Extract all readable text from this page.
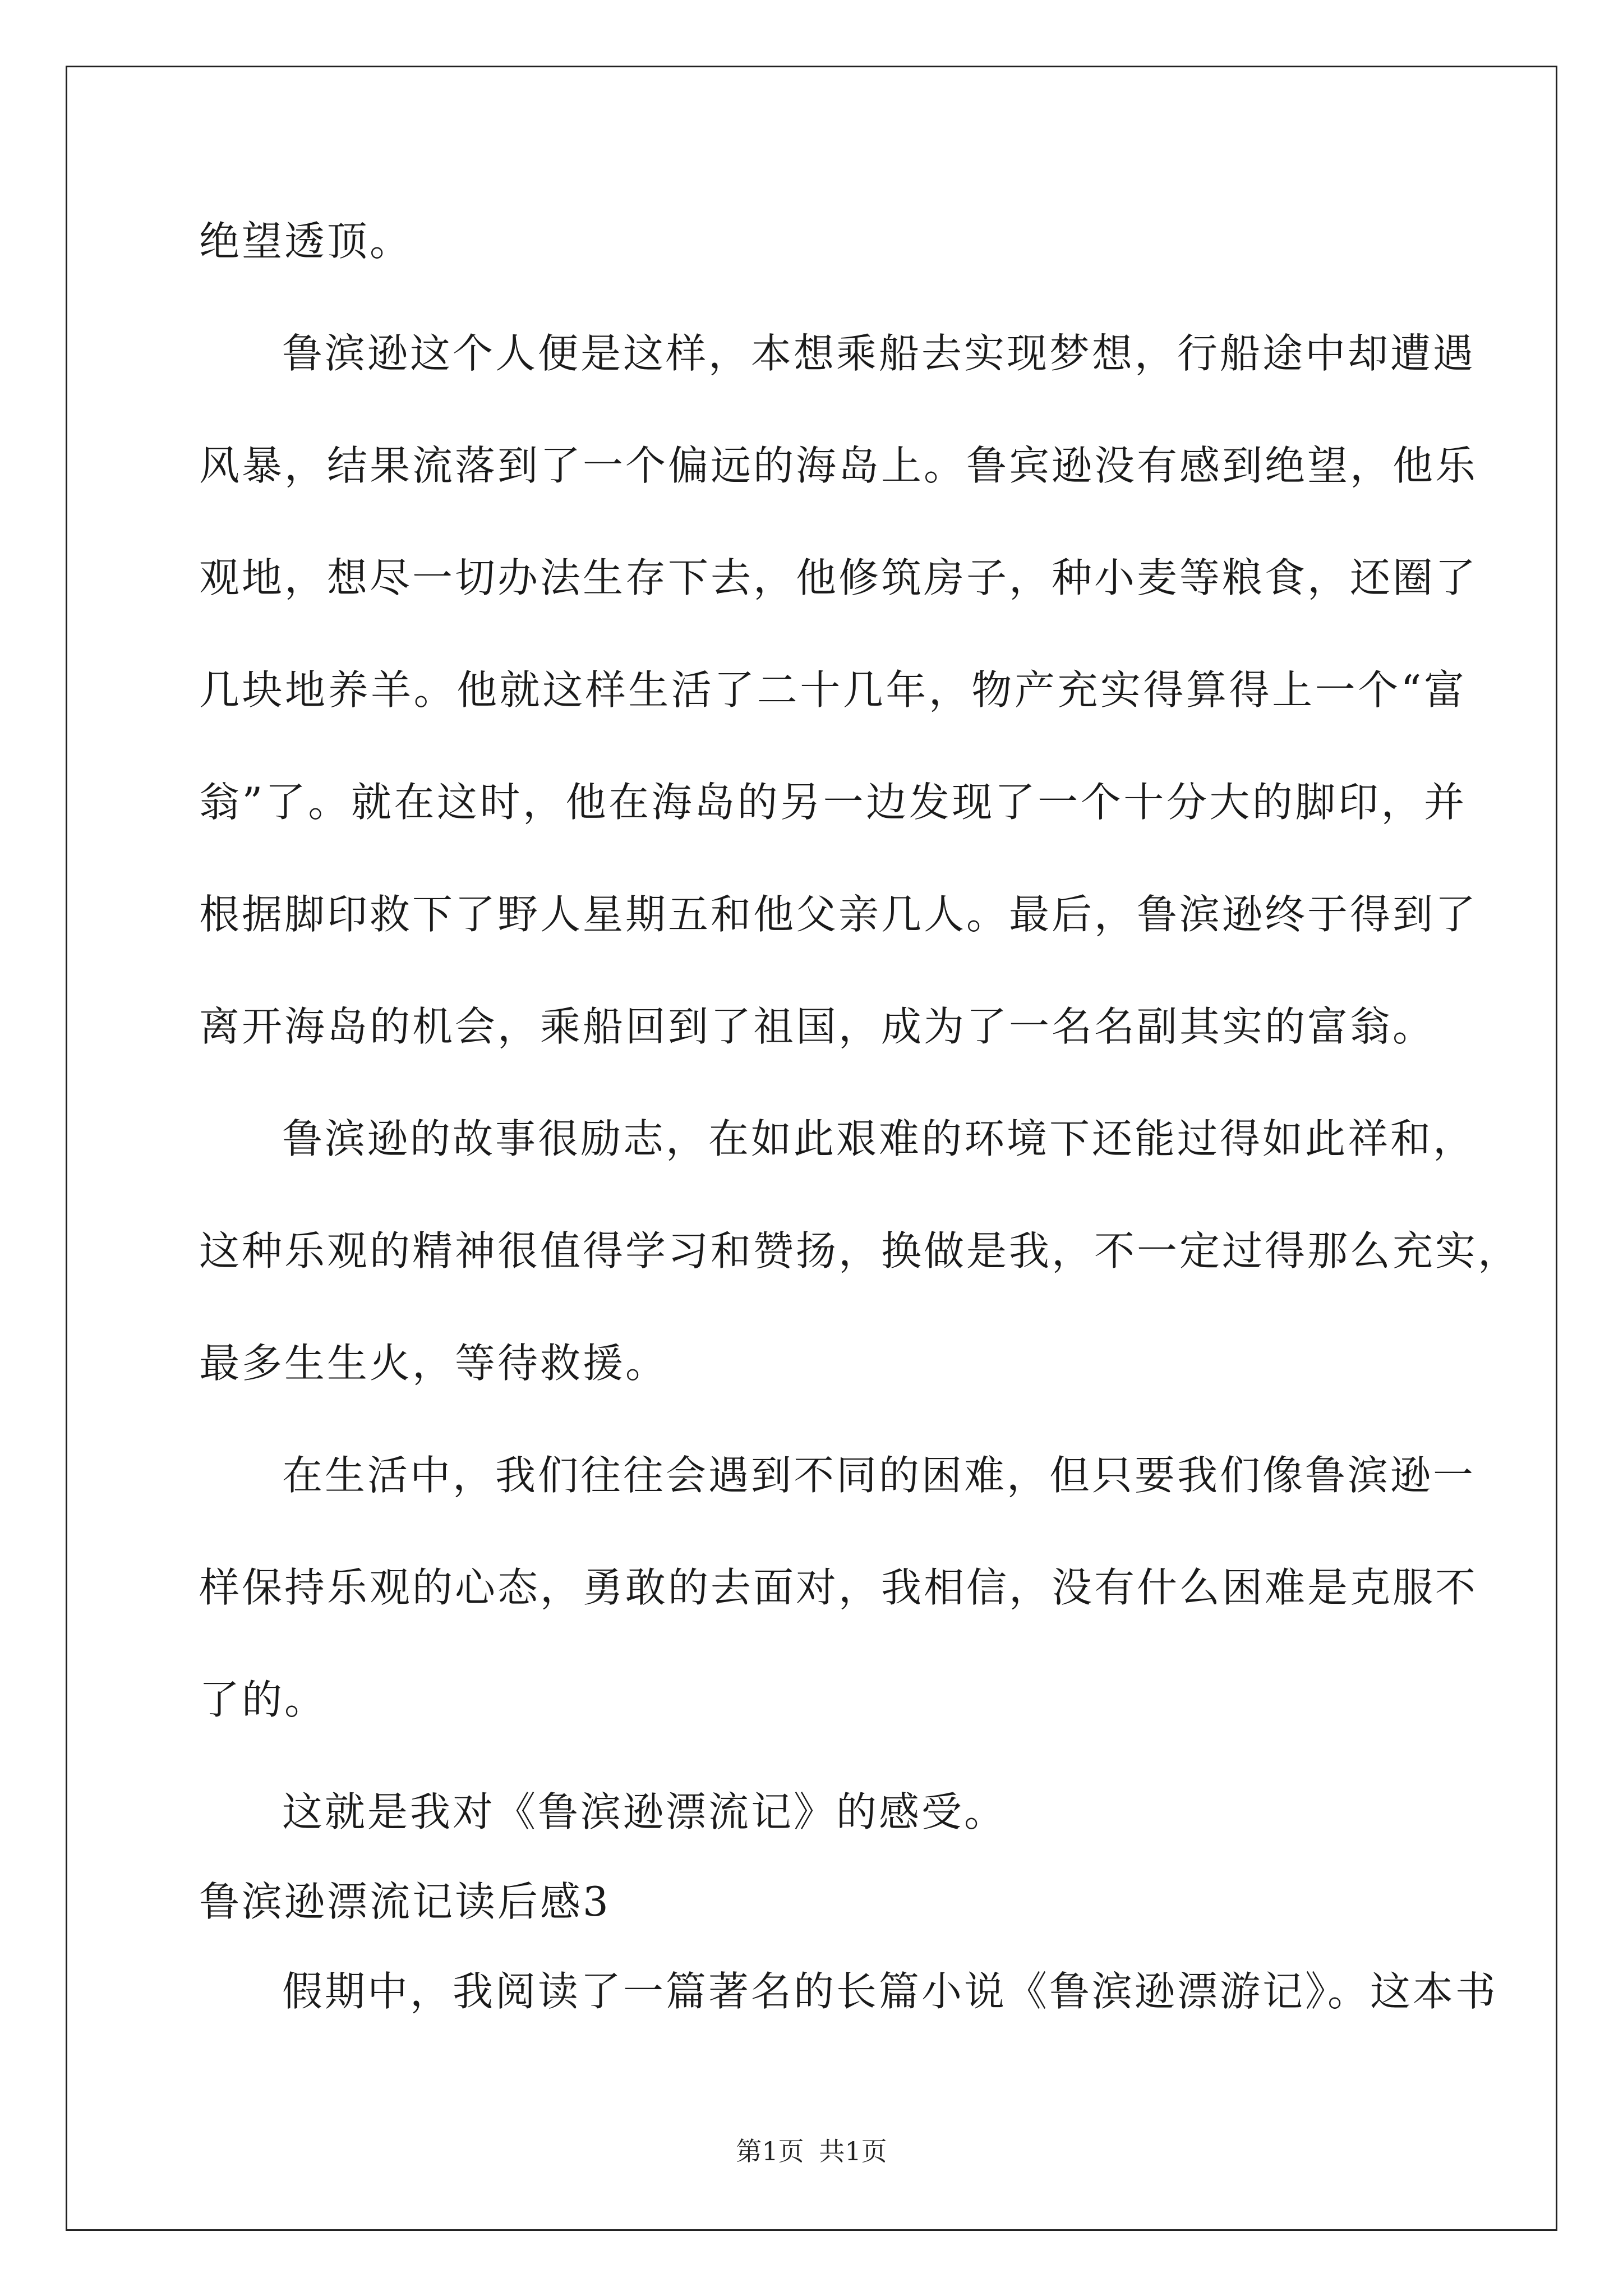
绝望透顶。
鲁滨逊这个人便是这样，本想乘船去实现梦想，行船途中却遭遇
风暴，结果流落到了一个偏远的海岛上。鲁宾逊没有感到绝望，他乐
观地，想尽一切办法生存下去，他修筑房子，种小麦等粮食，还圈了
几块地养羊。他就这样生活了二十几年，物产充实得算得上一个“富
翁”了。就在这时，他在海岛的另一边发现了一个十分大的脚印，并
根据脚印救下了野人星期五和他父亲几人。最后，鲁滨逊终于得到了
离开海岛的机会，乘船回到了祖国，成为了一名名副其实的富翁。
鲁滨逊的故事很励志，在如此艰难的环境下还能过得如此祥和，
这种乐观的精神很值得学习和赞扬，换做是我，不一定过得那么充实，
最多生生火，等待救援。
在生活中，我们往往会遇到不同的困难，但只要我们像鲁滨逊一
样保持乐观的心态，勇敢的去面对，我相信，没有什么困难是克服不
了的。
这就是我对《鲁滨逊漂流记》的感受。
鲁滨逊漂流记读后感3
假期中，我阅读了一篇著名的长篇小说《鲁滨逊漂游记》。这本书
第1页 共1页
